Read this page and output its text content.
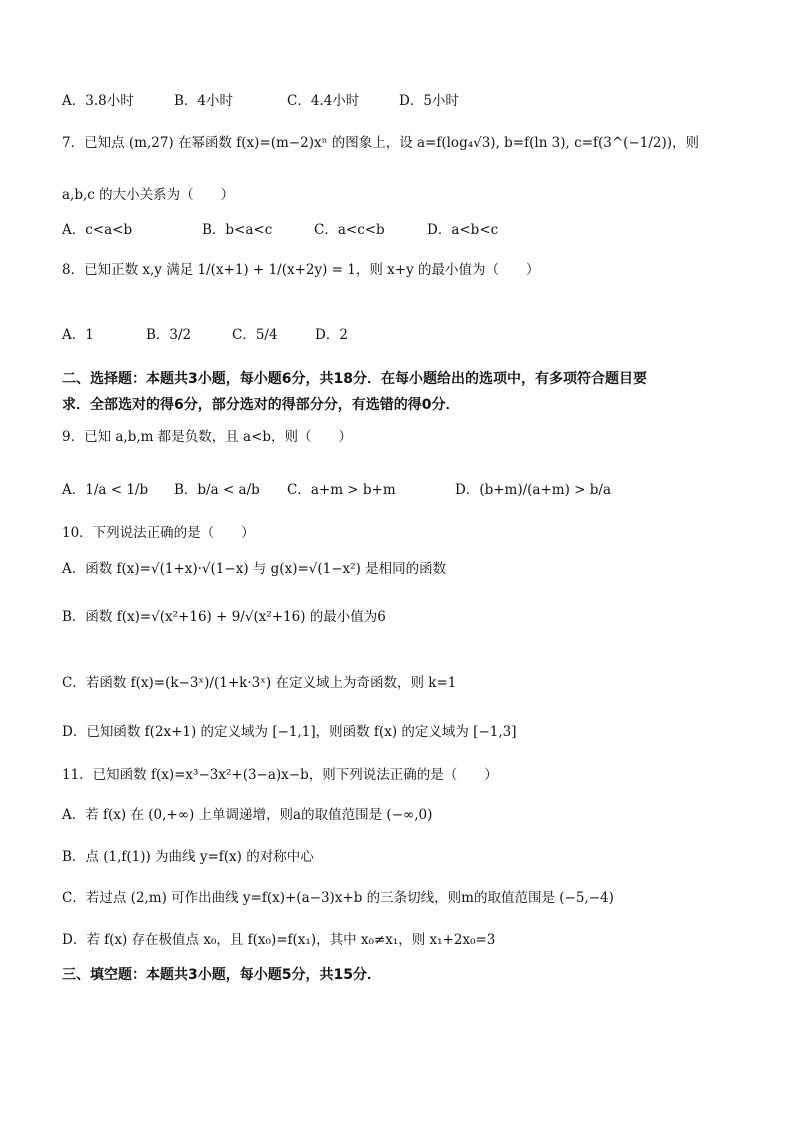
A．3.8小时	B．4小时	C．4.4小时	D．5小时
7．已知点 (m,27) 在幂函数 f(x)=(m−2)xⁿ 的图象上，设 a=f(log₄√3), b=f(ln 3), c=f(3^(−1/2))，则
a,b,c 的大小关系为（　　）
A．c<a<b	B．b<a<c	C．a<c<b	D．a<b<c
8．已知正数 x,y 满足 1/(x+1) + 1/(x+2y) = 1，则 x+y 的最小值为（　　）
A．1	B．3/2	C．5/4	D．2
二、选择题：本题共3小题，每小题6分，共18分．在每小题给出的选项中，有多项符合题目要
求．全部选对的得6分，部分选对的得部分分，有选错的得0分．
9．已知 a,b,m 都是负数，且 a<b，则（　　）
A．1/a < 1/b B．b/a < a/b C．a+m > b+m	D．(b+m)/(a+m) > b/a
10．下列说法正确的是（　　）
A．函数 f(x)=√(1+x)·√(1−x) 与 g(x)=√(1−x²) 是相同的函数
B．函数 f(x)=√(x²+16) + 9/√(x²+16) 的最小值为6
C．若函数 f(x)=(k−3ˣ)/(1+k·3ˣ) 在定义域上为奇函数，则 k=1
D．已知函数 f(2x+1) 的定义域为 [−1,1]，则函数 f(x) 的定义域为 [−1,3]
11．已知函数 f(x)=x³−3x²+(3−a)x−b，则下列说法正确的是（　　）
A．若 f(x) 在 (0,+∞) 上单调递增，则a的取值范围是 (−∞,0)
B．点 (1,f(1)) 为曲线 y=f(x) 的对称中心
C．若过点 (2,m) 可作出曲线 y=f(x)+(a−3)x+b 的三条切线，则m的取值范围是 (−5,−4)
D．若 f(x) 存在极值点 x₀，且 f(x₀)=f(x₁)，其中 x₀≠x₁，则 x₁+2x₀=3
三、填空题：本题共3小题，每小题5分，共15分．
